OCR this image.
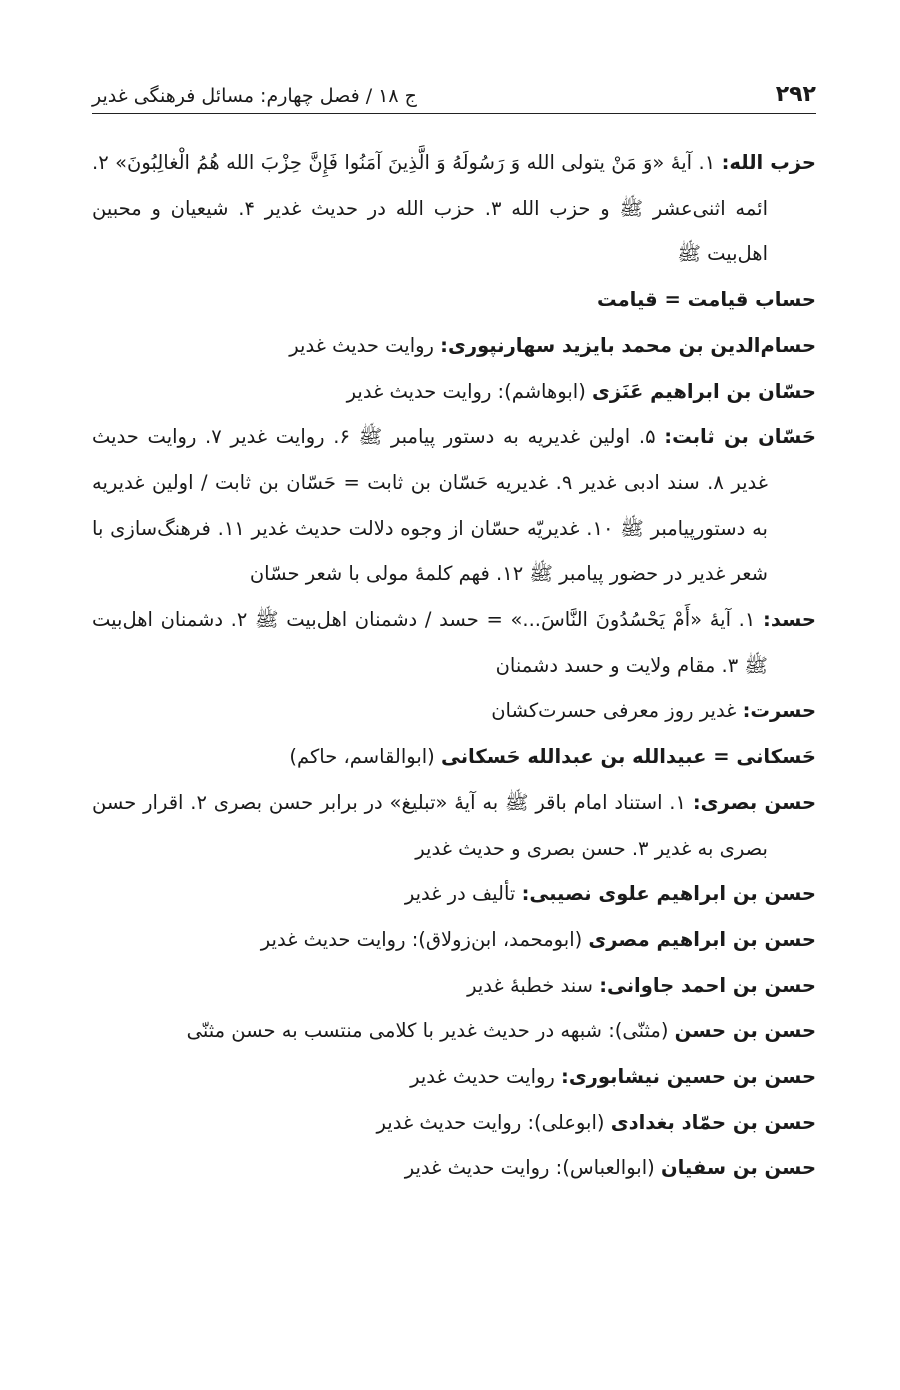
۲۹۲
ج ۱۸ / فصل چهارم: مسائل فرهنگی غدیر

حزب الله: ۱. آیهٔ «وَ مَنْ یتولی الله وَ رَسُولَهُ وَ الَّذِینَ آمَنُوا فَإِنَّ حِزْبَ الله هُمُ الْغالِبُونَ» ۲. ائمه اثنی‌عشر ﷺ و حزب الله ۳. حزب الله در حدیث غدیر ۴. شیعیان و محبین اهل‌بیت ﷺ

حساب قیامت = قیامت

حسام‌الدین بن محمد بایزید سهارنپوری: روایت حدیث غدیر

حسّان بن ابراهیم عَنَزی (ابوهاشم): روایت حدیث غدیر

حَسّان بن ثابت: ۵. اولین غدیریه به دستور پیامبر ﷺ ۶. روایت غدیر ۷. روایت حدیث غدیر ۸. سند ادبی غدیر ۹. غدیریه حَسّان بن ثابت = حَسّان بن ثابت / اولین غدیریه به دستورپیامبر ﷺ ۱۰. غدیریّه حسّان از وجوه دلالت حدیث غدیر ۱۱. فرهنگ‌سازی با شعر غدیر در حضور پیامبر ﷺ ۱۲. فهم کلمهٔ مولی با شعر حسّان

حسد: ۱. آیهٔ «أَمْ یَحْسُدُونَ النَّاسَ...» = حسد / دشمنان اهل‌بیت ﷺ ۲. دشمنان اهل‌بیت ﷺ ۳. مقام ولایت و حسد دشمنان

حسرت: غدیر روز معرفی حسرت‌کشان

حَسکانی = عبیدالله بن عبدالله حَسکانی (ابوالقاسم، حاکم)

حسن بصری: ۱. استناد امام باقر ﷺ به آیهٔ «تبلیغ» در برابر حسن بصری ۲. اقرار حسن بصری به غدیر ۳. حسن بصری و حدیث غدیر

حسن بن ابراهیم علوی نصیبی: تألیف در غدیر

حسن بن ابراهیم مصری (ابومحمد، ابن‌زولاق): روایت حدیث غدیر

حسن بن احمد جاوانی: سند خطبهٔ غدیر

حسن بن حسن (مثنّی): شبهه در حدیث غدیر با کلامی منتسب به حسن مثنّی

حسن بن حسین نیشابوری: روایت حدیث غدیر

حسن بن حمّاد بغدادی (ابوعلی): روایت حدیث غدیر

حسن بن سفیان (ابوالعباس): روایت حدیث غدیر
